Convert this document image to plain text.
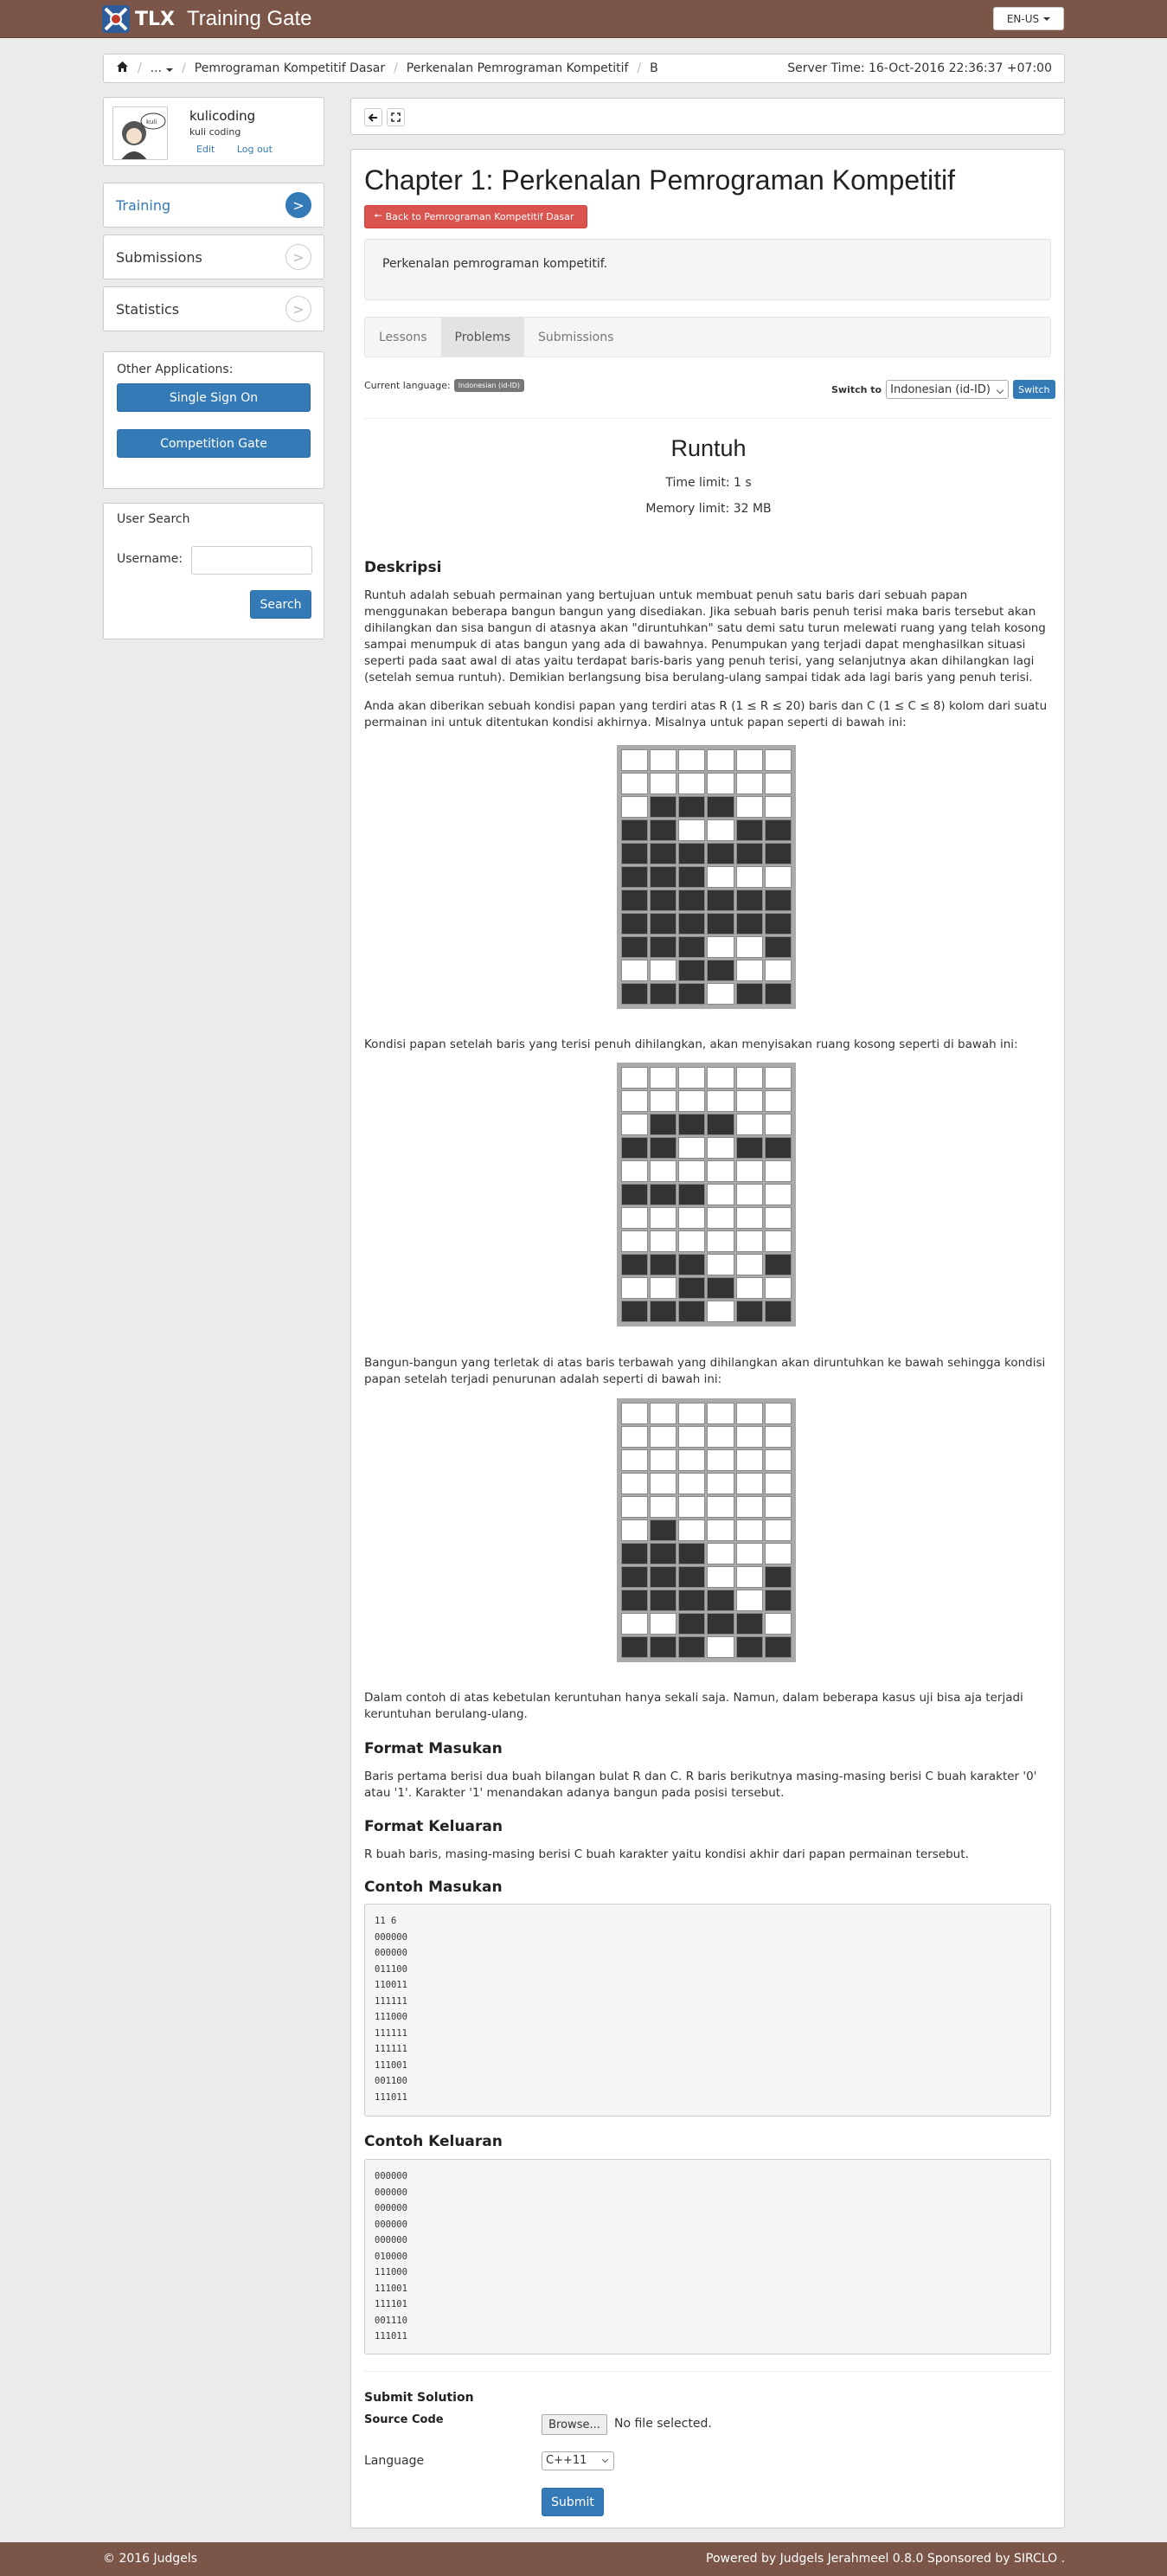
TLX Training Gate	EN-US
/ ...	/ Pemrograman Kompetitif Dasar / Perkenalan Pemrograman Kompetitif / B	Server Time: 16-Oct-2016 22:36:37 +07:00
kuli	kulicoding
kuli coding
Edit Log out
Training	>
Submissions	>
Statistics	>
Other Applications:
Single Sign On
Competition Gate
User Search
Username:
Search
Chapter 1: Perkenalan Pemrograman Kompetitif
🠔 Back to Pemrograman Kompetitif Dasar
Perkenalan pemrograman kompetitif.
Lessons	Problems	Submissions
Current language:	Indonesian (id-ID)	Switch to Indonesian (id-ID)	Switch
Runtuh
Time limit: 1 s
Memory limit: 32 MB
Deskripsi
Runtuh adalah sebuah permainan yang bertujuan untuk membuat penuh satu baris dari sebuah papan menggunakan beberapa bangun bangun yang disediakan. Jika sebuah baris penuh terisi maka baris tersebut akan dihilangkan dan sisa bangun di atasnya akan "diruntuhkan" satu demi satu turun melewati ruang yang telah kosong sampai menumpuk di atas bangun yang ada di bawahnya. Penumpukan yang terjadi dapat menghasilkan situasi seperti pada saat awal di atas yaitu terdapat baris-baris yang penuh terisi, yang selanjutnya akan dihilangkan lagi (setelah semua runtuh). Demikian berlangsung bisa berulang-ulang sampai tidak ada lagi baris yang penuh terisi.
Anda akan diberikan sebuah kondisi papan yang terdiri atas R (1 ≤ R ≤ 20) baris dan C (1 ≤ C ≤ 8) kolom dari suatu permainan ini untuk ditentukan kondisi akhirnya. Misalnya untuk papan seperti di bawah ini:
Kondisi papan setelah baris yang terisi penuh dihilangkan, akan menyisakan ruang kosong seperti di bawah ini:
Bangun-bangun yang terletak di atas baris terbawah yang dihilangkan akan diruntuhkan ke bawah sehingga kondisi papan setelah terjadi penurunan adalah seperti di bawah ini:
Dalam contoh di atas kebetulan keruntuhan hanya sekali saja. Namun, dalam beberapa kasus uji bisa aja terjadi keruntuhan berulang-ulang.
Format Masukan
Baris pertama berisi dua buah bilangan bulat R dan C. R baris berikutnya masing-masing berisi C buah karakter '0' atau '1'. Karakter '1' menandakan adanya bangun pada posisi tersebut.
Format Keluaran
R buah baris, masing-masing berisi C buah karakter yaitu kondisi akhir dari papan permainan tersebut.
Contoh Masukan
11 6
000000
000000
011100
110011
111111
111000
111111
111111
111001
001100
111011
Contoh Keluaran
000000
000000
000000
000000
000000
010000
111000
111001
111101
001110
111011
Submit Solution
Source Code	Browse...	No file selected.
Language	C++11
Submit
© 2016 Judgels	Powered by Judgels Jerahmeel 0.8.0 Sponsored by SIRCLO .
